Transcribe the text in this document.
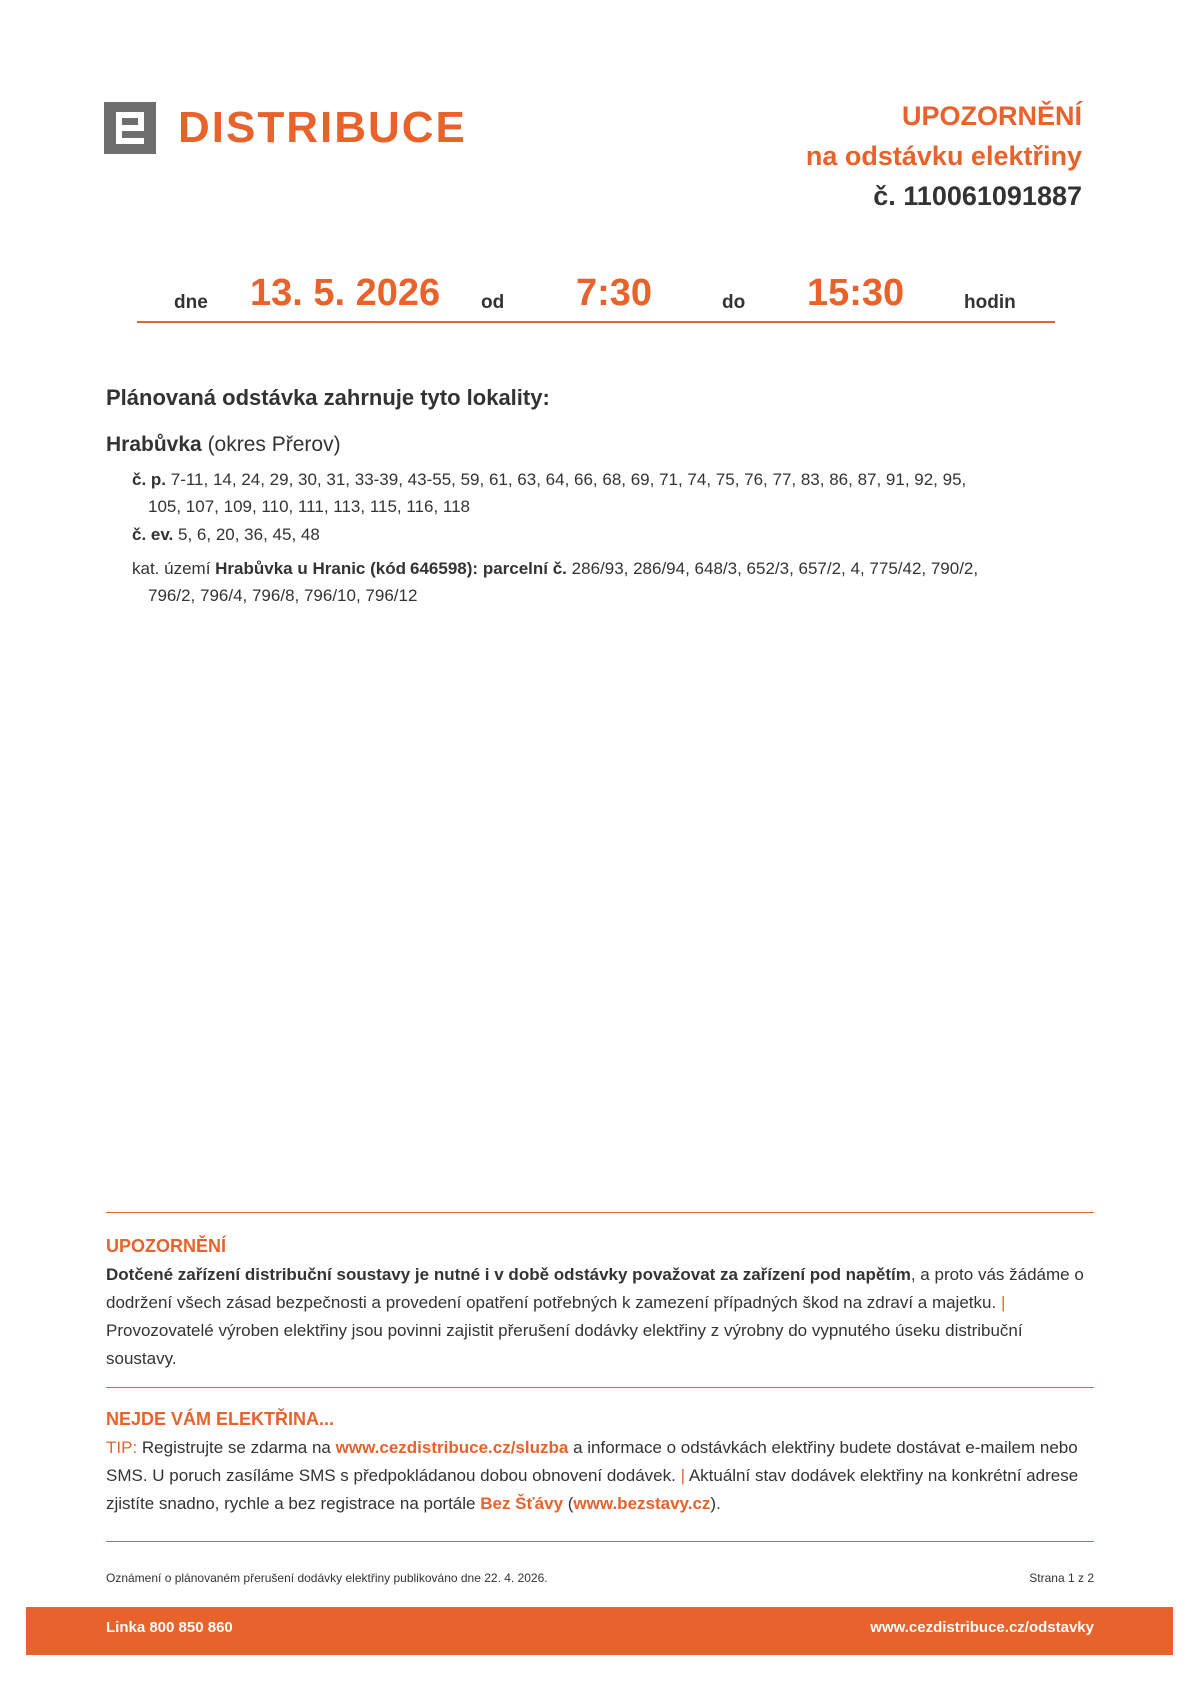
DISTRIBUCE	UPOZORNĚNÍ
na odstávku elektřiny
č. 110061091887
dne 13. 5. 2026 od 7:30	do 15:30	hodin
Plánovaná odstávka zahrnuje tyto lokality:
Hrabůvka (okres Přerov)
č. p. 7-11, 14, 24, 29, 30, 31, 33-39, 43-55, 59, 61, 63, 64, 66, 68, 69, 71, 74, 75, 76, 77, 83, 86, 87, 91, 92, 95,
105, 107, 109, 110, 111, 113, 115, 116, 118
č. ev. 5, 6, 20, 36, 45, 48
kat. území Hrabůvka u Hranic (kód 646598): parcelní č. 286/93, 286/94, 648/3, 652/3, 657/2, 4, 775/42, 790/2,
796/2, 796/4, 796/8, 796/10, 796/12
UPOZORNĚNÍ
Dotčené zařízení distribuční soustavy je nutné i v době odstávky považovat za zařízení pod napětím, a proto vás žádáme o dodržení všech zásad bezpečnosti a provedení opatření potřebných k zamezení případných škod na zdraví a majetku. | Provozovatelé výroben elektřiny jsou povinni zajistit přerušení dodávky elektřiny z výrobny do vypnutého úseku distribuční soustavy.
NEJDE VÁM ELEKTŘINA...
TIP: Registrujte se zdarma na www.cezdistribuce.cz/sluzba a informace o odstávkách elektřiny budete dostávat e-mailem nebo SMS. U poruch zasíláme SMS s předpokládanou dobou obnovení dodávek. | Aktuální stav dodávek elektřiny na konkrétní adrese zjistíte snadno, rychle a bez registrace na portále Bez Šťávy (www.bezstavy.cz).
Oznámení o plánovaném přerušení dodávky elektřiny publikováno dne 22. 4. 2026.	Strana 1 z 2
Linka 800 850 860	www.cezdistribuce.cz/odstavky
